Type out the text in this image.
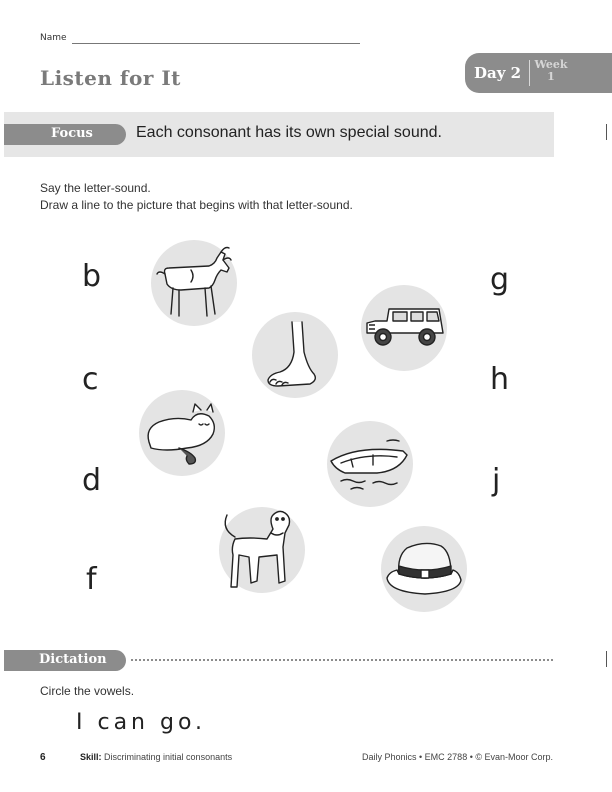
Name
Listen for It	Day 2 Week
1
Focus	Each consonant has its own special sound.
Say the letter-sound.
Draw a line to the picture that begins with that letter-sound.
b
c
d
f
g
h
j
Dictation
Circle the vowels.
I can go.
6	Skill: Discriminating initial consonants	Daily Phonics • EMC 2788 • © Evan-Moor Corp.
